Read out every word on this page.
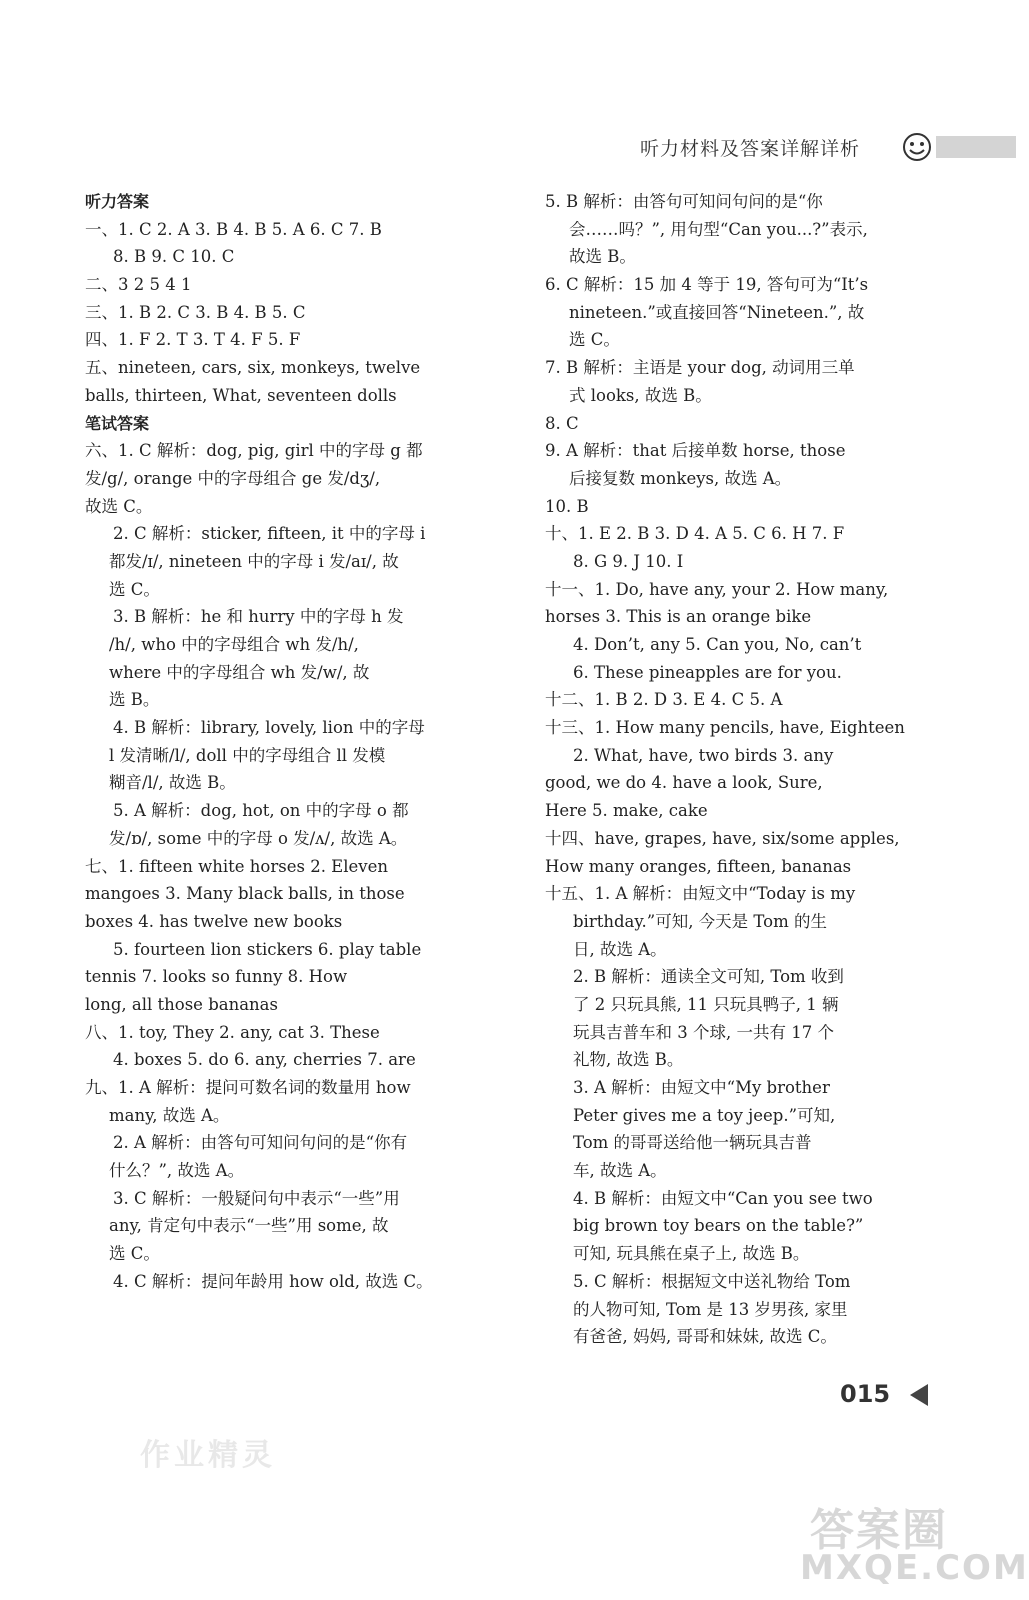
听力材料及答案详解详析
听力答案
一、1. C 2. A 3. B 4. B 5. A 6. C 7. B
8. B 9. C 10. C
二、3 2 5 4 1
三、1. B 2. C 3. B 4. B 5. C
四、1. F 2. T 3. T 4. F 5. F
五、nineteen, cars, six, monkeys, twelve
balls, thirteen, What, seventeen dolls
笔试答案
六、1. C 解析：dog, pig, girl 中的字母 g 都
发/g/, orange 中的字母组合 ge 发/dʒ/,
故选 C。
2. C 解析：sticker, fifteen, it 中的字母 i
都发/ɪ/, nineteen 中的字母 i 发/aɪ/, 故
选 C。
3. B 解析：he 和 hurry 中的字母 h 发
/h/, who 中的字母组合 wh 发/h/,
where 中的字母组合 wh 发/w/, 故
选 B。
4. B 解析：library, lovely, lion 中的字母
l 发清晰/l/, doll 中的字母组合 ll 发模
糊音/l/, 故选 B。
5. A 解析：dog, hot, on 中的字母 o 都
发/ɒ/, some 中的字母 o 发/ʌ/, 故选 A。
七、1. fifteen white horses 2. Eleven
mangoes 3. Many black balls, in those
boxes 4. has twelve new books
5. fourteen lion stickers 6. play table
tennis 7. looks so funny 8. How
long, all those bananas
八、1. toy, They 2. any, cat 3. These
4. boxes 5. do 6. any, cherries 7. are
九、1. A 解析：提问可数名词的数量用 how
many, 故选 A。
2. A 解析：由答句可知问句问的是“你有
什么？”, 故选 A。
3. C 解析：一般疑问句中表示“一些”用
any, 肯定句中表示“一些”用 some, 故
选 C。
4. C 解析：提问年龄用 how old, 故选 C。
5. B 解析：由答句可知问句问的是“你
会……吗？”, 用句型“Can you...?”表示,
故选 B。
6. C 解析：15 加 4 等于 19, 答句可为“It’s
nineteen.”或直接回答“Nineteen.”, 故
选 C。
7. B 解析：主语是 your dog, 动词用三单
式 looks, 故选 B。
8. C
9. A 解析：that 后接单数 horse, those
后接复数 monkeys, 故选 A。
10. B
十、1. E 2. B 3. D 4. A 5. C 6. H 7. F
8. G 9. J 10. I
十一、1. Do, have any, your 2. How many,
horses 3. This is an orange bike
4. Don’t, any 5. Can you, No, can’t
6. These pineapples are for you.
十二、1. B 2. D 3. E 4. C 5. A
十三、1. How many pencils, have, Eighteen
2. What, have, two birds 3. any
good, we do 4. have a look, Sure,
Here 5. make, cake
十四、have, grapes, have, six/some apples,
How many oranges, fifteen, bananas
十五、1. A 解析：由短文中“Today is my
birthday.”可知, 今天是 Tom 的生
日, 故选 A。
2. B 解析：通读全文可知, Tom 收到
了 2 只玩具熊, 11 只玩具鸭子, 1 辆
玩具吉普车和 3 个球, 一共有 17 个
礼物, 故选 B。
3. A 解析：由短文中“My brother
Peter gives me a toy jeep.”可知,
Tom 的哥哥送给他一辆玩具吉普
车, 故选 A。
4. B 解析：由短文中“Can you see two
big brown toy bears on the table?”
可知, 玩具熊在桌子上, 故选 B。
5. C 解析：根据短文中送礼物给 Tom
的人物可知, Tom 是 13 岁男孩, 家里
有爸爸, 妈妈, 哥哥和妹妹, 故选 C。
015
作业精灵
答案圈
MXQE.COM
